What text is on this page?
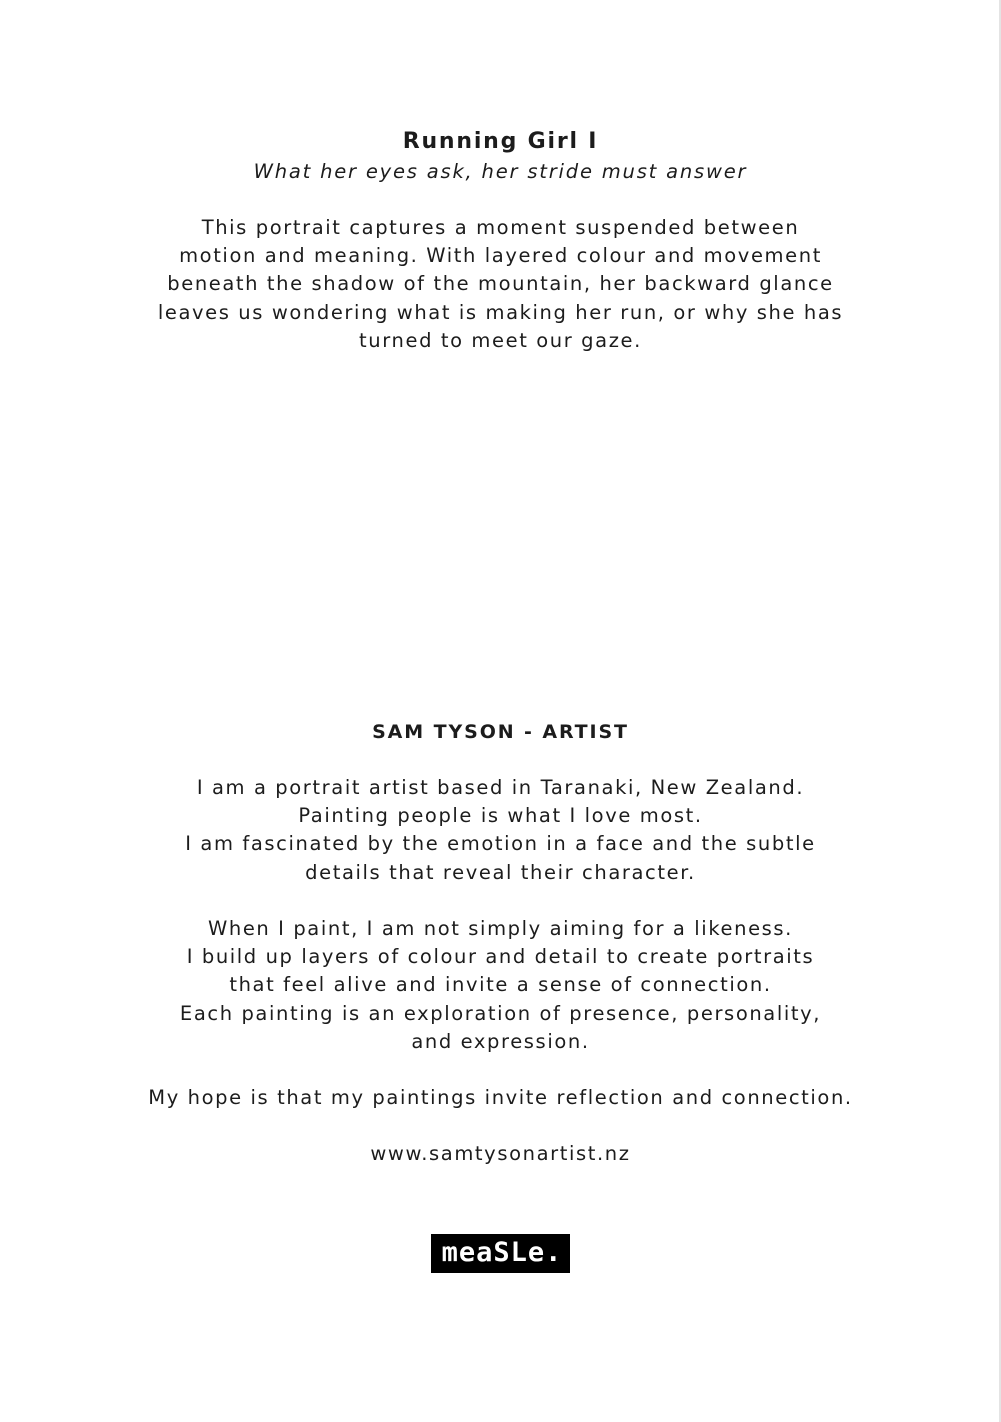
Running Girl I
What her eyes ask, her stride must answer
This portrait captures a moment suspended between
motion and meaning. With layered colour and movement
beneath the shadow of the mountain, her backward glance
leaves us wondering what is making her run, or why she has
turned to meet our gaze.
SAM TYSON - ARTIST
I am a portrait artist based in Taranaki, New Zealand.
Painting people is what I love most.
I am fascinated by the emotion in a face and the subtle
details that reveal their character.
When I paint, I am not simply aiming for a likeness.
I build up layers of colour and detail to create portraits
that feel alive and invite a sense of connection.
Each painting is an exploration of presence, personality,
and expression.
My hope is that my paintings invite reflection and connection.
www.samtysonartist.nz
meaSLe.
